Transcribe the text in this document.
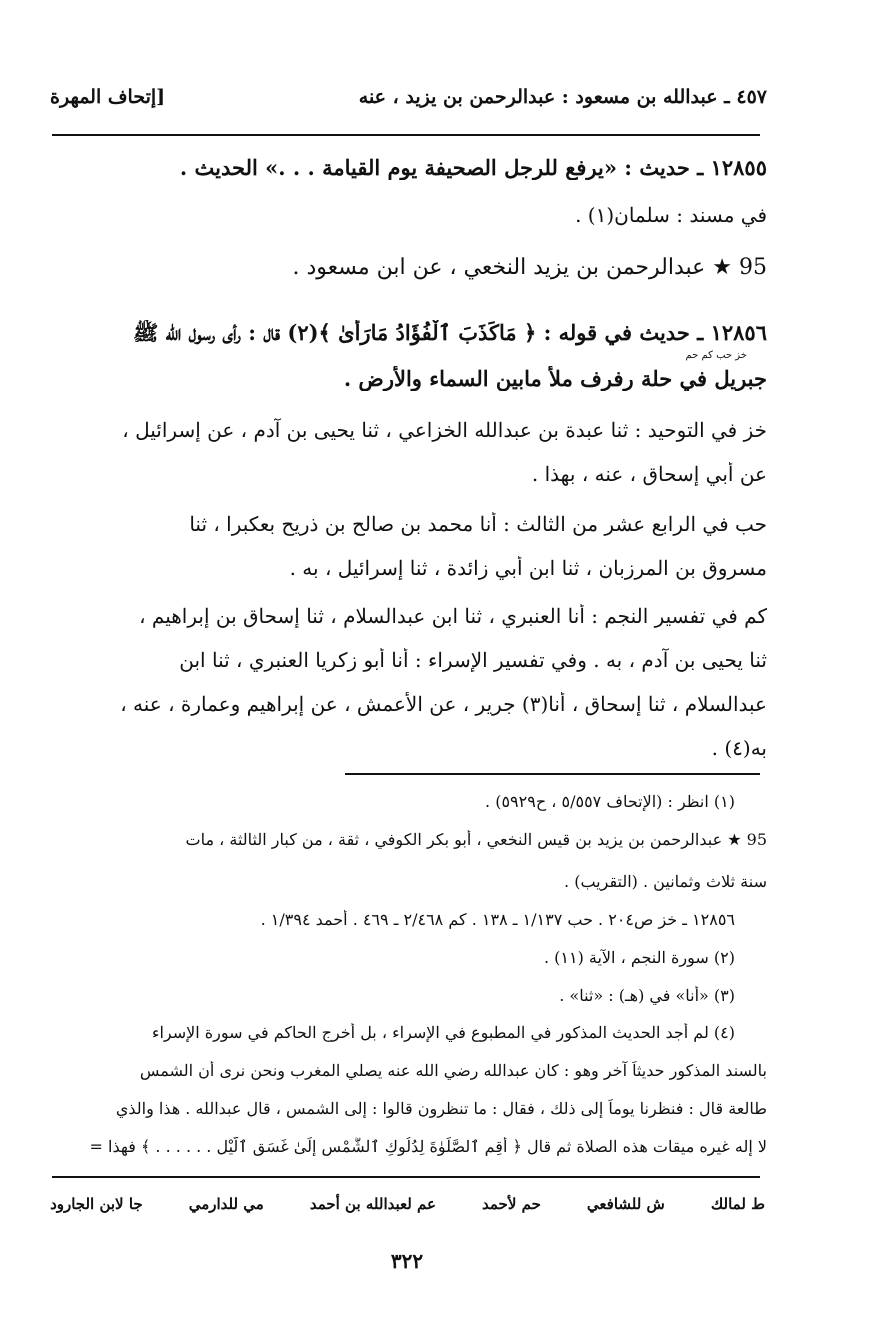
٤٥٧ ـ عبدالله بن مسعود : عبدالرحمن بن يزيد ، عنه
[إتحاف المهرة
١٢٨٥٥ ـ حديث : «يرفع للرجل الصحيفة يوم القيامة . . .» الحديث .
في مسند : سلمان(١) .
95 ★ عبدالرحمن بن يزيد النخعي ، عن ابن مسعود .
١٢٨٥٦ ـ حديث في قوله : ﴿ مَاكَذَبَ ٱلْفُؤَادُ مَارَأَىٰ ﴾(٢) قال : رأى رسول الله ﷺ
خز حب كم حم
جبريل في حلة رفرف ملأ مابين السماء والأرض .
خز في التوحيد : ثنا عبدة بن عبدالله الخزاعي ، ثنا يحيى بن آدم ، عن إسرائيل ،
عن أبي إسحاق ، عنه ، بهذا .
حب في الرابع عشر من الثالث : أنا محمد بن صالح بن ذريح بعكبرا ، ثنا
مسروق بن المرزبان ، ثنا ابن أبي زائدة ، ثنا إسرائيل ، به .
كم في تفسير النجم : أنا العنبري ، ثنا ابن عبدالسلام ، ثنا إسحاق بن إبراهيم ،
ثنا يحيى بن آدم ، به . وفي تفسير الإسراء : أنا أبو زكريا العنبري ، ثنا ابن
عبدالسلام ، ثنا إسحاق ، أنا(٣) جرير ، عن الأعمش ، عن إبراهيم وعمارة ، عنه ،
به(٤) .
(١) انظر : (الإتحاف ٥/٥٥٧ ، ح٥٩٢٩) .
95 ★ عبدالرحمن بن يزيد بن قيس النخعي ، أبو بكر الكوفي ، ثقة ، من كبار الثالثة ، مات
سنة ثلاث وثمانين . (التقريب) .
١٢٨٥٦ ـ خز ص٢٠٤ . حب ١/١٣٧ ـ ١٣٨ . كم ٢/٤٦٨ ـ ٤٦٩ . أحمد ١/٣٩٤ .
(٢) سورة النجم ، الآية (١١) .
(٣) «أنا» في (هـ) : «ثنا» .
(٤) لم أجد الحديث المذكور في المطبوع في الإسراء ، بل أخرج الحاكم في سورة الإسراء
بالسند المذكور حديثاً آخر وهو : كان عبدالله رضي الله عنه يصلي المغرب ونحن نرى أن الشمس
طالعة قال : فنظرنا يوماً إلى ذلك ، فقال : ما تنظرون قالوا : إلى الشمس ، قال عبدالله . هذا والذي
لا إله غيره ميقات هذه الصلاة ثم قال ﴿ أَقِمِ ٱلصَّلَوٰةَ لِدُلُوكِ ٱلشَّمْسِ إِلَىٰ غَسَقِ ٱلَّيْلِ . . . . . . ﴾ فهذا =
ط لمالك
ش للشافعي
حم لأحمد
عم لعبدالله بن أحمد
مي للدارمي
جا لابن الجارود
٣٢٢
